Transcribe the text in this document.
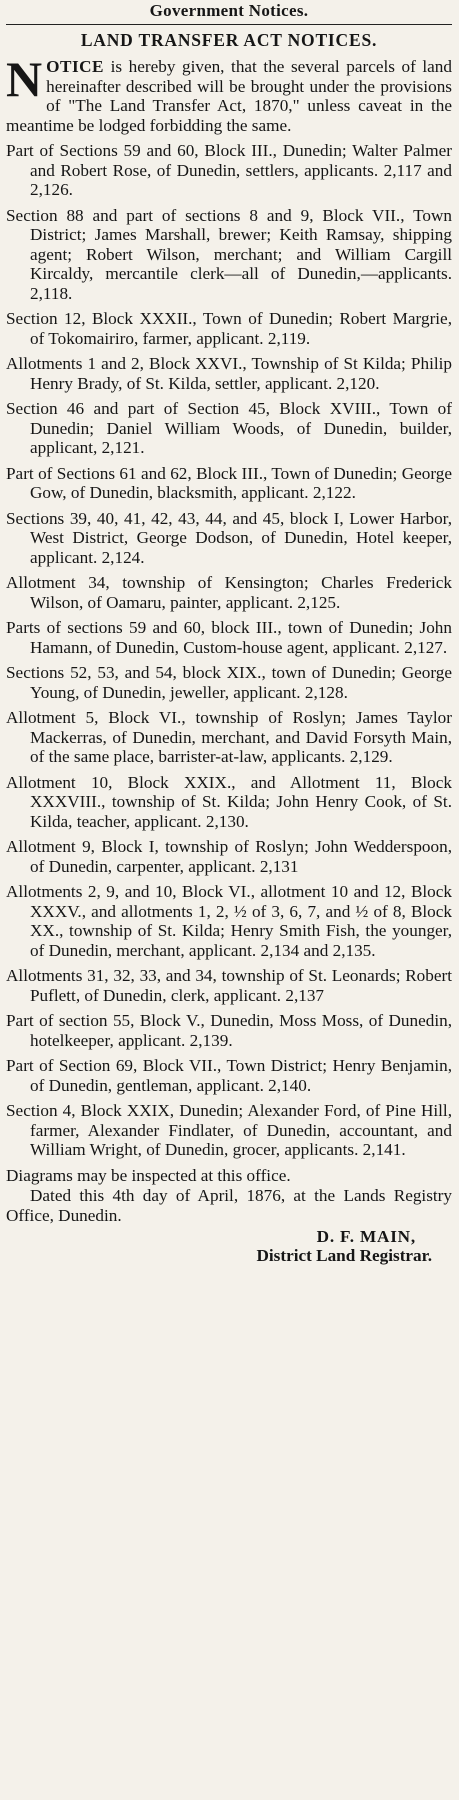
Government Notices.
LAND TRANSFER ACT NOTICES.
NOTICE is hereby given, that the several parcels of land hereinafter described will be brought under the provisions of "The Land Transfer Act, 1870," unless caveat in the meantime be lodged forbidding the same.

Part of Sections 59 and 60, Block III., Dunedin; Walter Palmer and Robert Rose, of Dunedin, settlers, applicants. 2,117 and 2,126.

Section 88 and part of sections 8 and 9, Block VII., Town District; James Marshall, brewer; Keith Ramsay, shipping agent; Robert Wilson, merchant; and William Cargill Kircaldy, mercantile clerk—all of Dunedin,—applicants. 2,118.

Section 12, Block XXXII., Town of Dunedin; Robert Margrie, of Tokomairiro, farmer, applicant. 2,119.

Allotments 1 and 2, Block XXVI., Township of St Kilda; Philip Henry Brady, of St. Kilda, settler, applicant. 2,120.

Section 46 and part of Section 45, Block XVIII., Town of Dunedin; Daniel William Woods, of Dunedin, builder, applicant, 2,121.

Part of Sections 61 and 62, Block III., Town of Dunedin; George Gow, of Dunedin, blacksmith, applicant. 2,122.

Sections 39, 40, 41, 42, 43, 44, and 45, block I, Lower Harbor, West District, George Dodson, of Dunedin, Hotel keeper, applicant. 2,124.

Allotment 34, township of Kensington; Charles Frederick Wilson, of Oamaru, painter, applicant. 2,125.

Parts of sections 59 and 60, block III., town of Dunedin; John Hamann, of Dunedin, Custom-house agent, applicant. 2,127.

Sections 52, 53, and 54, block XIX., town of Dunedin; George Young, of Dunedin, jeweller, applicant. 2,128.

Allotment 5, Block VI., township of Roslyn; James Taylor Mackerras, of Dunedin, merchant, and David Forsyth Main, of the same place, barrister-at-law, applicants. 2,129.

Allotment 10, Block XXIX., and Allotment 11, Block XXXVIII., township of St. Kilda; John Henry Cook, of St. Kilda, teacher, applicant. 2,130.

Allotment 9, Block I, township of Roslyn; John Wedderspoon, of Dunedin, carpenter, applicant. 2,131

Allotments 2, 9, and 10, Block VI., allotment 10 and 12, Block XXXV., and allotments 1, 2, ½ of 3, 6, 7, and ½ of 8, Block XX., township of St. Kilda; Henry Smith Fish, the younger, of Dunedin, merchant, applicant. 2,134 and 2,135.

Allotments 31, 32, 33, and 34, township of St. Leonards; Robert Puflett, of Dunedin, clerk, applicant. 2,137

Part of section 55, Block V., Dunedin, Moss Moss, of Dunedin, hotelkeeper, applicant. 2,139.

Part of Section 69, Block VII., Town District; Henry Benjamin, of Dunedin, gentleman, applicant. 2,140.

Section 4, Block XXIX, Dunedin; Alexander Ford, of Pine Hill, farmer, Alexander Findlater, of Dunedin, accountant, and William Wright, of Dunedin, grocer, applicants. 2,141.

Diagrams may be inspected at this office.

Dated this 4th day of April, 1876, at the Lands Registry Office, Dunedin.

D. F. MAIN,
District Land Registrar.
